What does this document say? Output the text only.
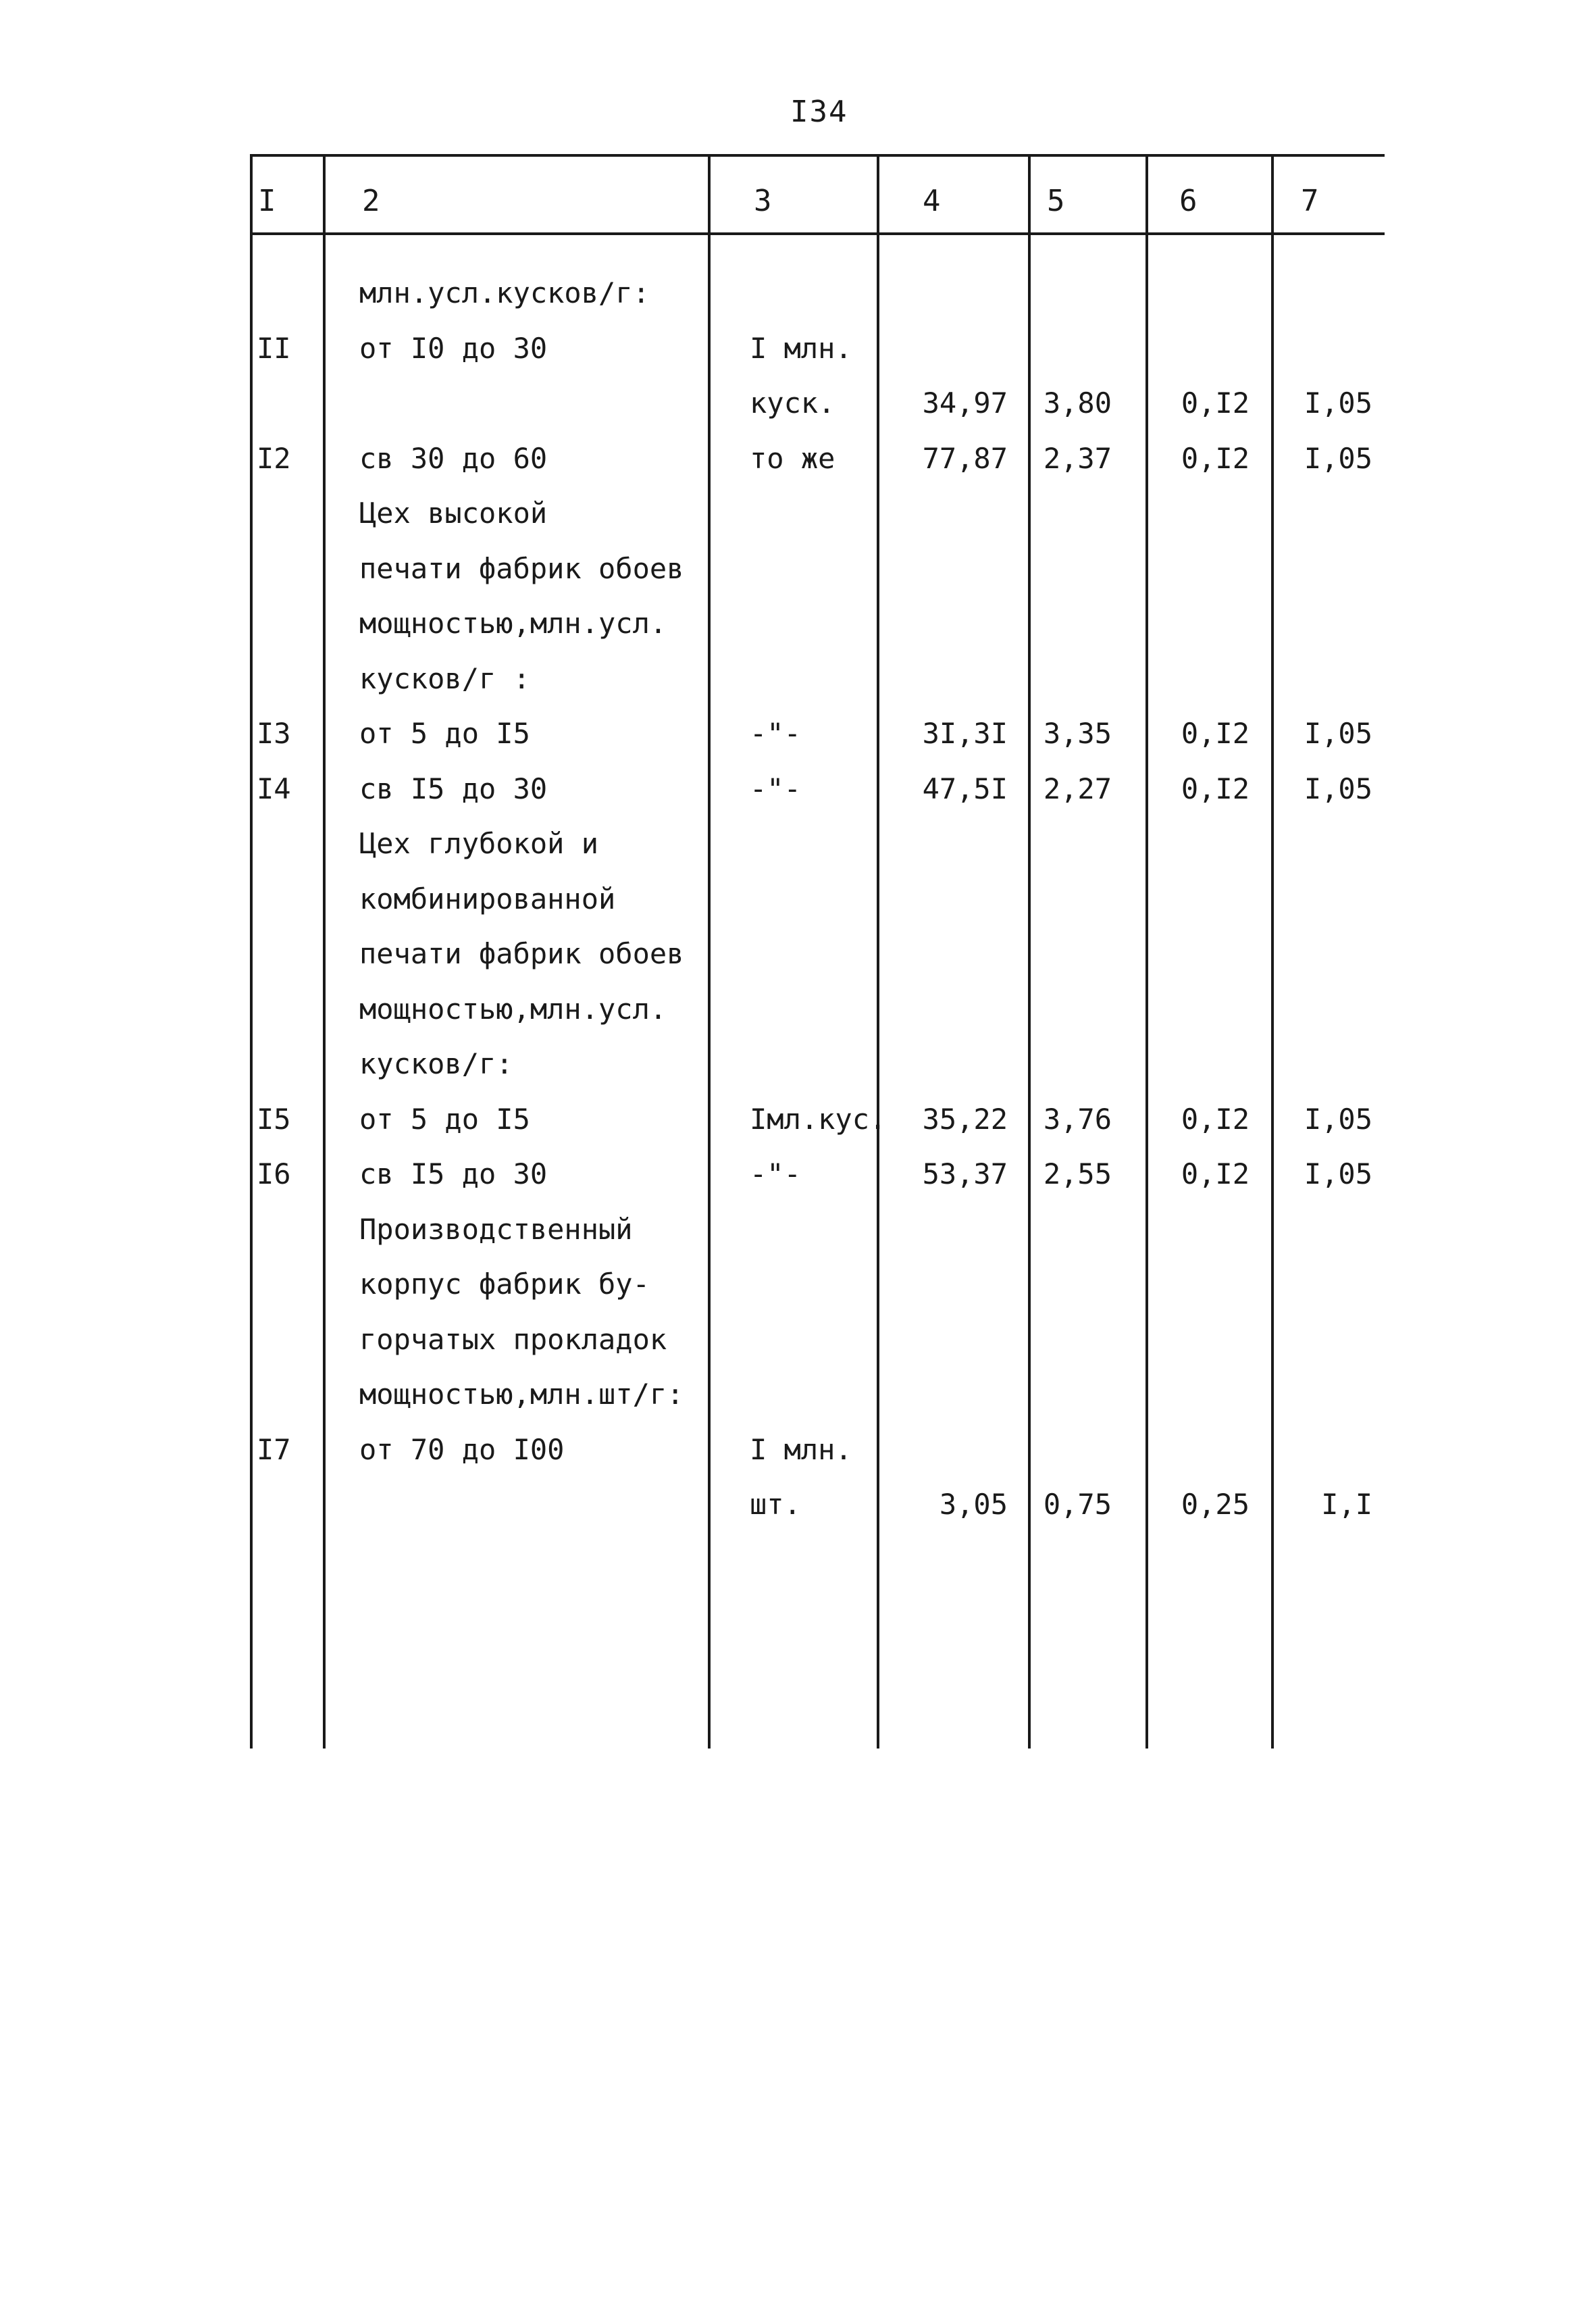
I34
I	2	3	4	5	6	7
млн.усл.кусков/г:
II от I0 до 30	I млн.
куск.	34,97 3,80 0,I2 I,05
I2 св 30 до 60	то же	77,87 2,37 0,I2 I,05
Цех высокой
печати фабрик обоев
мощностью,млн.усл.
кусков/г :
I3 от 5 до I5	-"-	3I,3I 3,35 0,I2 I,05
I4 св I5 до 30	-"-	47,5I 2,27 0,I2 I,05
Цех глубокой и
комбинированной
печати фабрик обоев
мощностью,млн.усл.
кусков/г:
I5 от 5 до I5	Iмл.кус. 35,22 3,76 0,I2 I,05
I6 св I5 до 30	-"-	53,37 2,55 0,I2 I,05
Производственный
корпус фабрик бу-
горчатых прокладок
мощностью,млн.шт/г:
I7 от 70 до I00	I млн.
шт.	3,05 0,75 0,25	I,I
